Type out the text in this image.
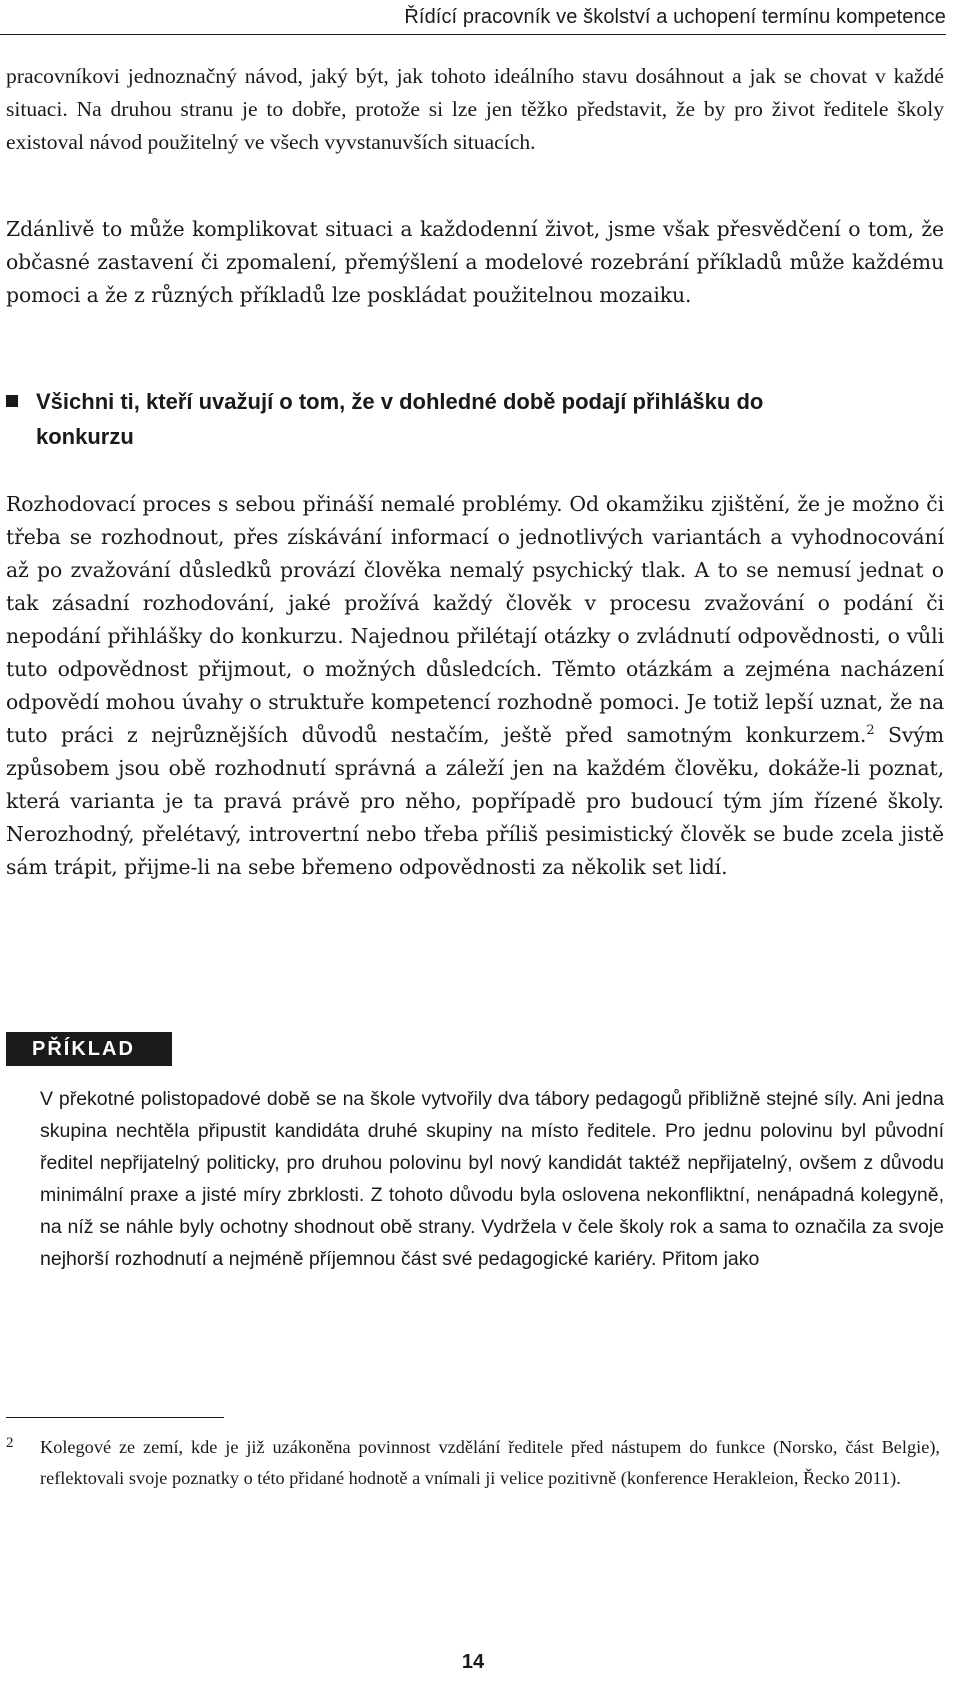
Řídící pracovník ve školství a uchopení termínu kompetence

pracovníkovi jednoznačný návod, jaký být, jak tohoto ideálního stavu dosáhnout a jak se chovat v každé situaci. Na druhou stranu je to dobře, protože si lze jen těžko představit, že by pro život ředitele školy existoval návod použitelný ve všech vyvstanuvších situacích.

Zdánlivě to může komplikovat situaci a každodenní život, jsme však přesvědčení o tom, že občasné zastavení či zpomalení, přemýšlení a modelové rozebrání příkladů může každému pomoci a že z různých příkladů lze poskládat použitelnou mozaiku.

Všichni ti, kteří uvažují o tom, že v dohledné době podají přihlášku do konkurzu

Rozhodovací proces s sebou přináší nemalé problémy. Od okamžiku zjištění, že je možno či třeba se rozhodnout, přes získávání informací o jednotlivých variantách a vyhodnocování až po zvažování důsledků provází člověka nemalý psychický tlak. A to se nemusí jednat o tak zásadní rozhodování, jaké prožívá každý člověk v procesu zvažování o podání či nepodání přihlášky do konkurzu. Najednou přilétají otázky o zvládnutí odpovědnosti, o vůli tuto odpovědnost přijmout, o možných důsledcích. Těmto otázkám a zejména nacházení odpovědí mohou úvahy o struktuře kompetencí rozhodně pomoci. Je totiž lepší uznat, že na tuto práci z nejrůznějších důvodů nestačím, ještě před samotným konkurzem.$^2$ Svým způsobem jsou obě rozhodnutí správná a záleží jen na každém člověku, dokáže-li poznat, která varianta je ta pravá právě pro něho, popřípadě pro budoucí tým jím řízené školy. Nerozhodný, přelétavý, introvertní nebo třeba příliš pesimistický člověk se bude zcela jistě sám trápit, přijme-li na sebe břemeno odpovědnosti za několik set lidí.

PŘÍKLAD

V překotné polistopadové době se na škole vytvořily dva tábory pedagogů přibližně stejné síly. Ani jedna skupina nechtěla připustit kandidáta druhé skupiny na místo ředitele. Pro jednu polovinu byl původní ředitel nepřijatelný politicky, pro druhou polovinu byl nový kandidát taktéž nepřijatelný, ovšem z důvodu minimální praxe a jisté míry zbrklosti. Z tohoto důvodu byla oslovena nekonfliktní, nenápadná kolegyně, na níž se náhle byly ochotny shodnout obě strany. Vydržela v čele školy rok a sama to označila za svoje nejhorší rozhodnutí a nejméně příjemnou část své pedagogické kariéry. Přitom jako

2	Kolegové ze zemí, kde je již uzákoněna povinnost vzdělání ředitele před nástupem do funkce (Norsko, část Belgie), reflektovali svoje poznatky o této přidané hodnotě a vnímali ji velice pozitivně (konference Herakleion, Řecko 2011).

14
